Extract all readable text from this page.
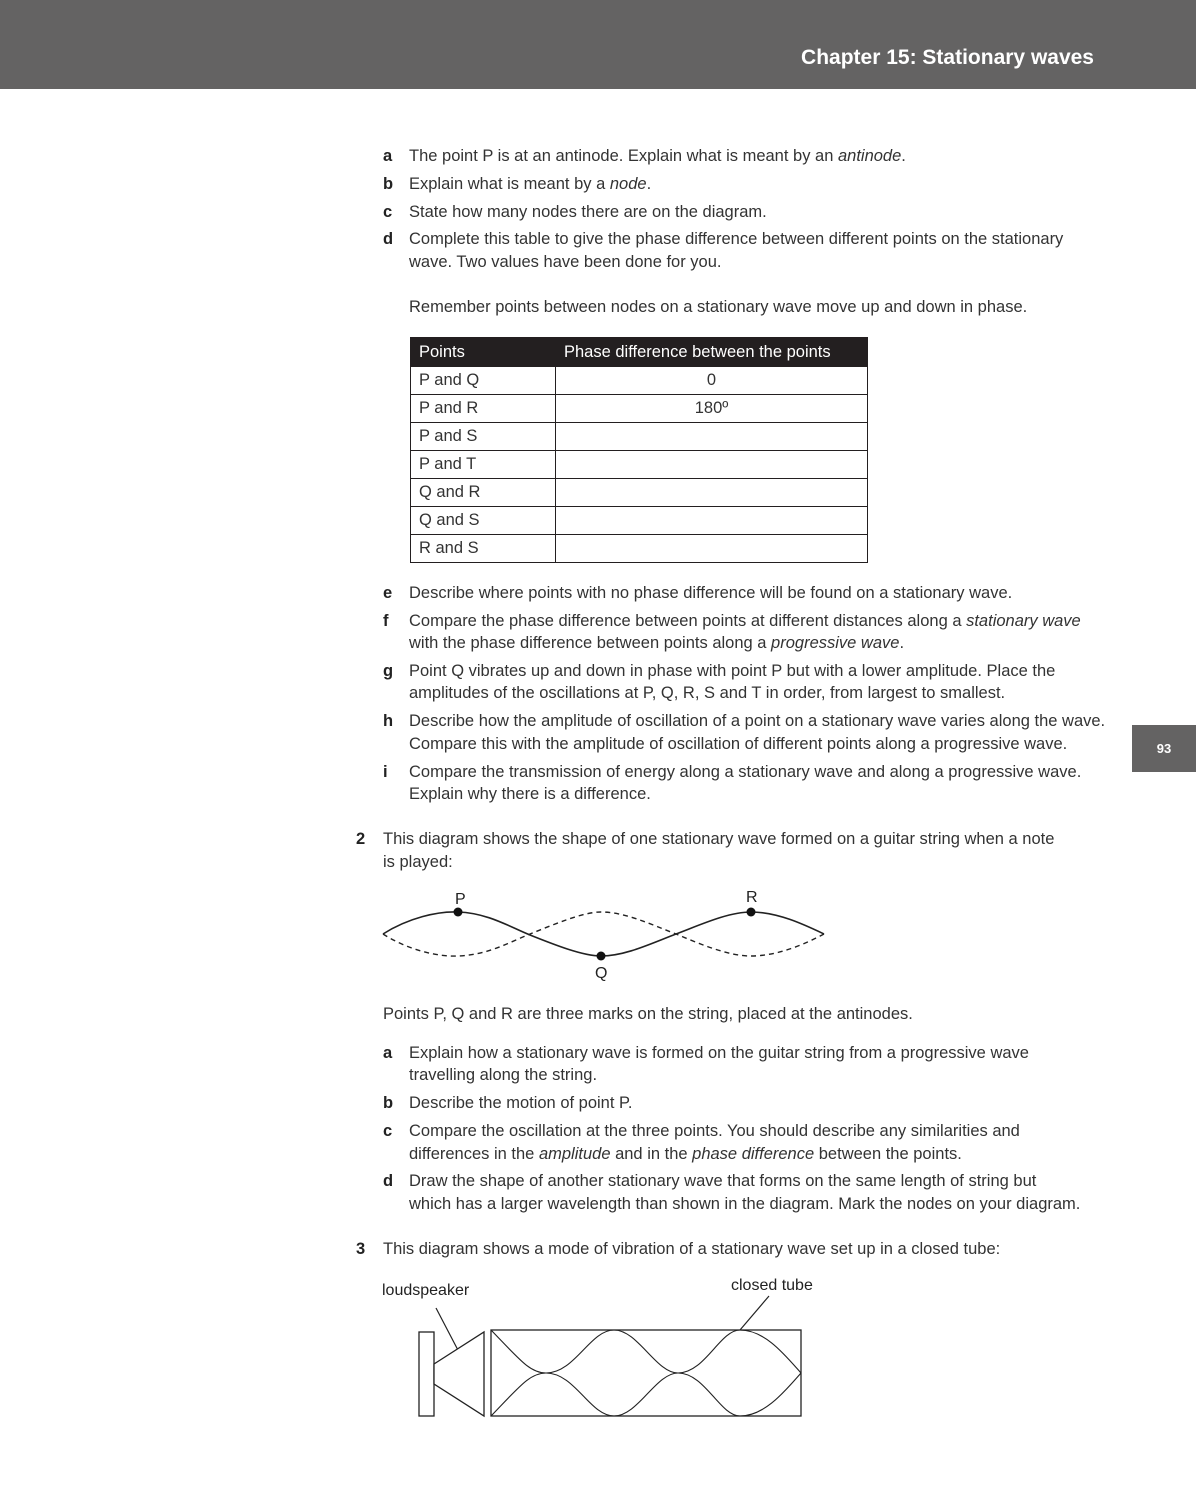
Chapter 15: Stationary waves
93
a The point P is at an antinode. Explain what is meant by an antinode.
b Explain what is meant by a node.
c State how many nodes there are on the diagram.
d Complete this table to give the phase difference between different points on the stationary
wave. Two values have been done for you.
Remember points between nodes on a stationary wave move up and down in phase.
Points	Phase difference between the points
P and Q	0
P and R	180º
P and S	
P and T	
Q and R	
Q and S	
R and S	
e Describe where points with no phase difference will be found on a stationary wave.
f Compare the phase difference between points at different distances along a stationary wave
with the phase difference between points along a progressive wave.
g Point Q vibrates up and down in phase with point P but with a lower amplitude. Place the
amplitudes of the oscillations at P, Q, R, S and T in order, from largest to smallest.
h Describe how the amplitude of oscillation of a point on a stationary wave varies along the wave.
Compare this with the amplitude of oscillation of different points along a progressive wave.
i Compare the transmission of energy along a stationary wave and along a progressive wave.
Explain why there is a difference.
2 This diagram shows the shape of one stationary wave formed on a guitar string when a note
is played:
P
Q
R
Points P, Q and R are three marks on the string, placed at the antinodes.
a Explain how a stationary wave is formed on the guitar string from a progressive wave
travelling along the string.
b Describe the motion of point P.
c Compare the oscillation at the three points. You should describe any similarities and
differences in the amplitude and in the phase difference between the points.
d Draw the shape of another stationary wave that forms on the same length of string but
which has a larger wavelength than shown in the diagram. Mark the nodes on your diagram.
3 This diagram shows a mode of vibration of a stationary wave set up in a closed tube:
loudspeaker	closed tube
